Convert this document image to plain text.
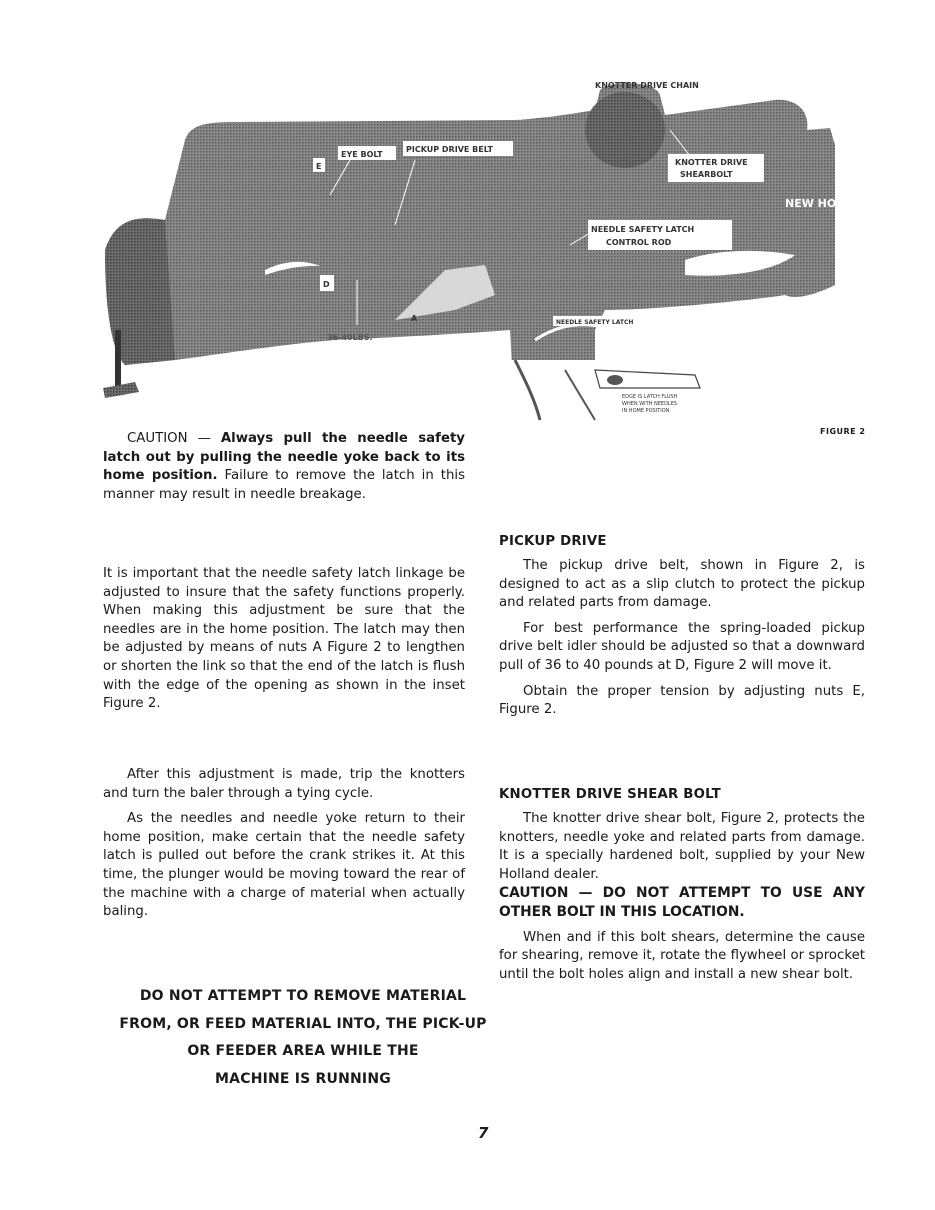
KNOTTER DRIVE CHAIN
EYE BOLT
PICKUP DRIVE BELT
E	KNOTTER DRIVE
SHEARBOLT
NEW HOL
NEEDLE SAFETY LATCH
CONTROL ROD
D
A
36-40LBS.
NEEDLE SAFETY LATCH
EDGE IS LATCH FLUSH
WHEN WITH NEEDLES
IN HOME POSITION
FIGURE 2

CAUTION — Always pull the needle safety latch out by pulling the needle yoke back to its home position. Failure to remove the latch in this manner may result in needle breakage.

It is important that the needle safety latch linkage be adjusted to insure that the safety functions properly. When making this adjustment be sure that the needles are in the home position. The latch may then be adjusted by means of nuts A Figure 2 to lengthen or shorten the link so that the end of the latch is flush with the edge of the opening as shown in the inset Figure 2.

After this adjustment is made, trip the knotters and turn the baler through a tying cycle.

As the needles and needle yoke return to their home position, make certain that the needle safety latch is pulled out before the crank strikes it. At this time, the plunger would be moving toward the rear of the machine with a charge of material when actually baling.

DO NOT ATTEMPT TO REMOVE MATERIAL
FROM, OR FEED MATERIAL INTO, THE PICK-UP
OR FEEDER AREA WHILE THE
MACHINE IS RUNNING
PICKUP DRIVE

The pickup drive belt, shown in Figure 2, is designed to act as a slip clutch to protect the pickup and related parts from damage.

For best performance the spring-loaded pickup drive belt idler should be adjusted so that a downward pull of 36 to 40 pounds at D, Figure 2 will move it.

Obtain the proper tension by adjusting nuts E, Figure 2.

KNOTTER DRIVE SHEAR BOLT

The knotter drive shear bolt, Figure 2, protects the knotters, needle yoke and related parts from damage. It is a specially hardened bolt, supplied by your New Holland dealer.

CAUTION — DO NOT ATTEMPT TO USE ANY OTHER BOLT IN THIS LOCATION.

When and if this bolt shears, determine the cause for shearing, remove it, rotate the flywheel or sprocket until the bolt holes align and install a new shear bolt.

7
